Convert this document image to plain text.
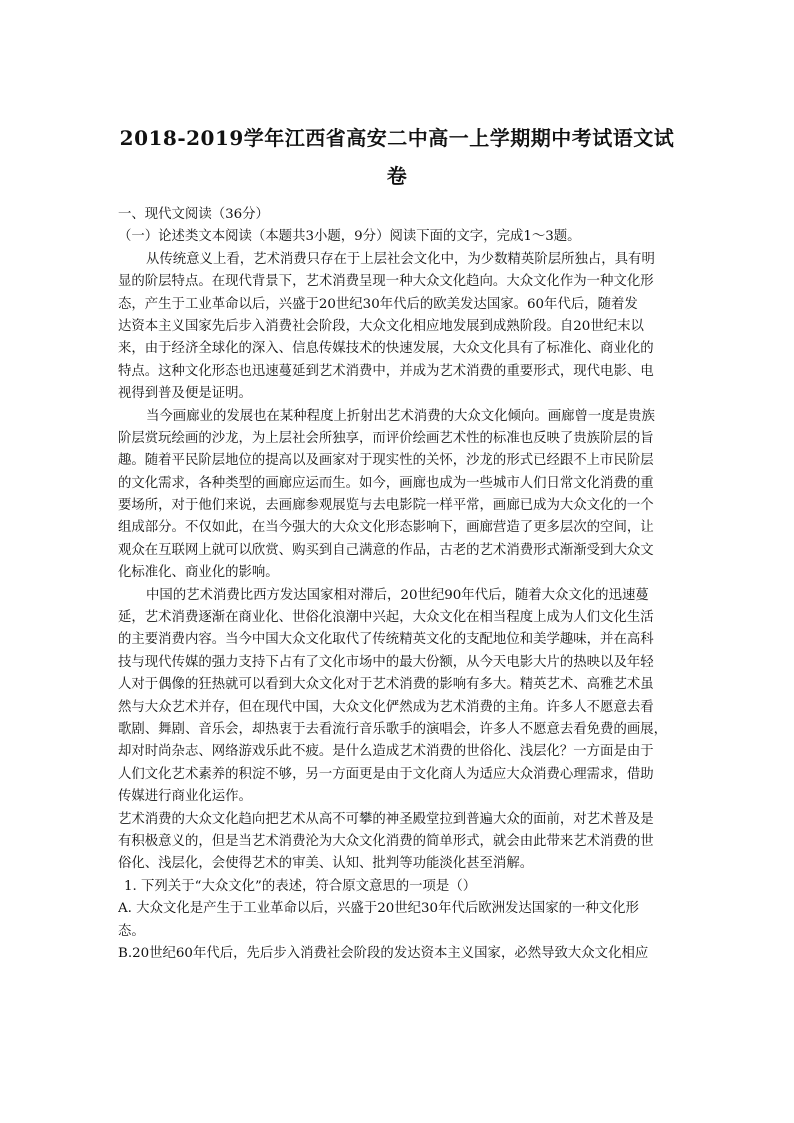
2018-2019学年江西省高安二中高一上学期期中考试语文试
卷
一、现代文阅读（36分）
（一）论述类文本阅读（本题共3小题，9分）阅读下面的文字，完成1～3题。
从传统意义上看，艺术消费只存在于上层社会文化中，为少数精英阶层所独占，具有明
显的阶层特点。在现代背景下，艺术消费呈现一种大众文化趋向。大众文化作为一种文化形
态，产生于工业革命以后，兴盛于20世纪30年代后的欧美发达国家。60年代后，随着发
达资本主义国家先后步入消费社会阶段，大众文化相应地发展到成熟阶段。自20世纪末以
来，由于经济全球化的深入、信息传媒技术的快速发展，大众文化具有了标准化、商业化的
特点。这种文化形态也迅速蔓延到艺术消费中，并成为艺术消费的重要形式，现代电影、电
视得到普及便是证明。
当今画廊业的发展也在某种程度上折射出艺术消费的大众文化倾向。画廊曾一度是贵族
阶层赏玩绘画的沙龙，为上层社会所独享，而评价绘画艺术性的标准也反映了贵族阶层的旨
趣。随着平民阶层地位的提高以及画家对于现实性的关怀，沙龙的形式已经跟不上市民阶层
的文化需求，各种类型的画廊应运而生。如今，画廊也成为一些城市人们日常文化消费的重
要场所，对于他们来说，去画廊参观展览与去电影院一样平常，画廊已成为大众文化的一个
组成部分。不仅如此，在当今强大的大众文化形态影响下，画廊营造了更多层次的空间，让
观众在互联网上就可以欣赏、购买到自己满意的作品，古老的艺术消费形式渐渐受到大众文
化标准化、商业化的影响。
中国的艺术消费比西方发达国家相对滞后，20世纪90年代后，随着大众文化的迅速蔓
延，艺术消费逐渐在商业化、世俗化浪潮中兴起，大众文化在相当程度上成为人们文化生活
的主要消费内容。当今中国大众文化取代了传统精英文化的支配地位和美学趣味，并在高科
技与现代传媒的强力支持下占有了文化市场中的最大份额，从今天电影大片的热映以及年轻
人对于偶像的狂热就可以看到大众文化对于艺术消费的影响有多大。精英艺术、高雅艺术虽
然与大众艺术并存，但在现代中国，大众文化俨然成为艺术消费的主角。许多人不愿意去看
歌剧、舞剧、音乐会，却热衷于去看流行音乐歌手的演唱会，许多人不愿意去看免费的画展，
却对时尚杂志、网络游戏乐此不疲。是什么造成艺术消费的世俗化、浅层化？一方面是由于
人们文化艺术素养的积淀不够，另一方面更是由于文化商人为适应大众消费心理需求，借助
传媒进行商业化运作。
艺术消费的大众文化趋向把艺术从高不可攀的神圣殿堂拉到普遍大众的面前，对艺术普及是
有积极意义的，但是当艺术消费沦为大众文化消费的简单形式，就会由此带来艺术消费的世
俗化、浅层化，会使得艺术的审美、认知、批判等功能淡化甚至消解。
1. 下列关于“大众文化”的表述，符合原文意思的一项是（）
A. 大众文化是产生于工业革命以后，兴盛于20世纪30年代后欧洲发达国家的一种文化形
态。
B.20世纪60年代后，先后步入消费社会阶段的发达资本主义国家，必然导致大众文化相应
